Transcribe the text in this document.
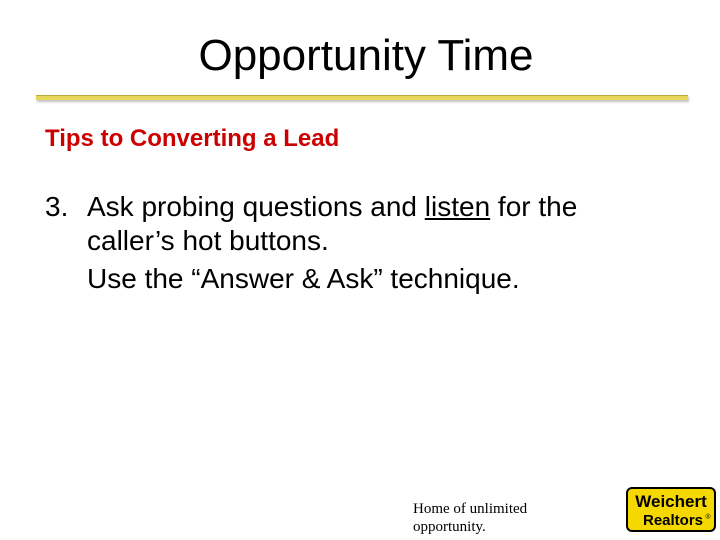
Opportunity Time
Tips to Converting a Lead
3. Ask probing questions and listen for the
caller’s hot buttons.
Use the “Answer & Ask” technique.
Home of unlimited
opportunity.
Weichert
Realtors ®
